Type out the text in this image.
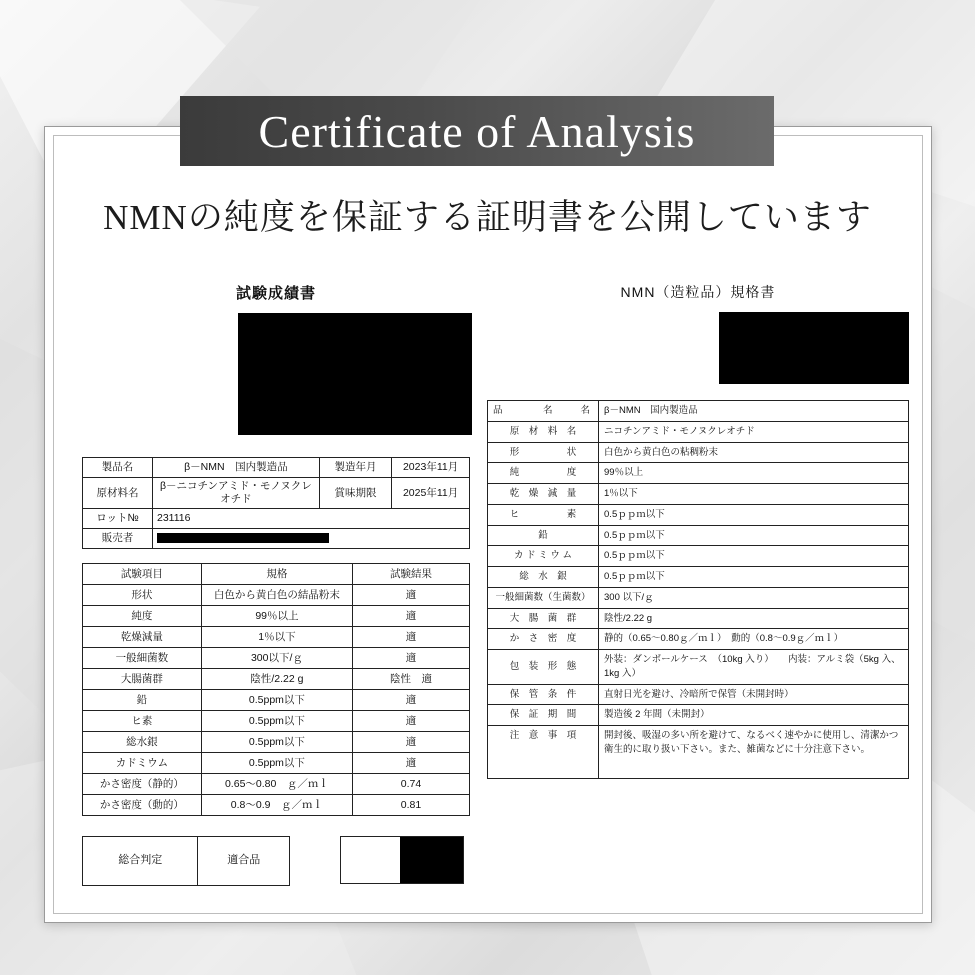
Certificate of Analysis
NMNの純度を保証する証明書を公開しています
試験成績書
製品名	β－NMN　国内製造品	製造年月	2023年11月
原材料名	β－ニコチンアミド・モノヌクレオチド	賞味期限	2025年11月
ロット№	231116		
販売者			
試験項目	規格	試験結果
形状	白色から黄白色の結晶粉末	適
純度	99％以上	適
乾燥減量	1％以下	適
一般細菌数	300以下/ｇ	適
大腸菌群	陰性/2.22 g	陰性　適
鉛	0.5ppm以下	適
ヒ素	0.5ppm以下	適
総水銀	0.5ppm以下	適
カドミウム	0.5ppm以下	適
かさ密度（静的）	0.65〜0.80　ｇ／ｍｌ	0.74
かさ密度（動的）	0.8〜0.9　ｇ／ｍｌ	0.81
総合判定	適合品
NMN（造粒品）規格書
品　　　名　　名	β－NMN　国内製造品
原　材　料　名	ニコチンアミド・モノヌクレオチド
形　　　　　状	白色から黄白色の粘稠粉末
純　　　　　度	99％以上
乾　燥　減　量	1％以下
ヒ　　　　　素	0.5ｐｐｍ以下
鉛	0.5ｐｐｍ以下
カ ド ミ ウ ム	0.5ｐｐｍ以下
総　水　銀	0.5ｐｐｍ以下
一般細菌数（生菌数）	300 以下/ｇ
大　腸　菌　群	陰性/2.22 g
か　さ　密　度	静的（0.65〜0.80ｇ／ｍｌ）　動的（0.8〜0.9ｇ／ｍｌ）
包　装　形　態	外装：ダンボールケース　（10kg 入り）　　内装：アルミ袋（5kg 入、1kg 入）
保　管　条　件	直射日光を避け、冷暗所で保管（未開封時）
保　証　期　間	製造後 2 年間（未開封）
注　意　事　項	開封後、吸湿の多い所を避けて、なるべく速やかに使用し、清潔かつ衛生的に取り扱い下さい。また、雑菌などに十分注意下さい。
